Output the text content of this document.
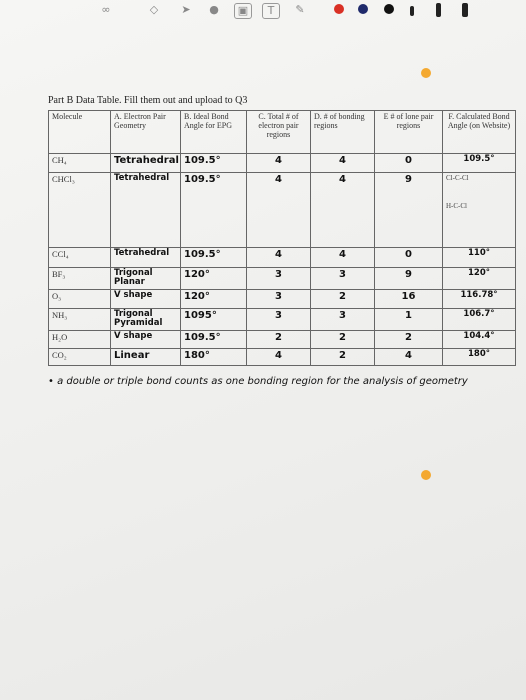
∞	◇	➤	●	▣	T	✎
Part B Data Table. Fill them out and upload to Q3
Molecule	A. Electron Pair Geometry	B. Ideal Bond Angle for EPG	C. Total # of electron pair regions	D. # of bonding regions	E # of lone pair regions	F. Calculated Bond Angle (on Website)
CH₄	Tetrahedral	109.5°	4	4	0	109.5°
CHCl₃	Tetrahedral	109.5°	4	4	9	Cl-C-Cl
H-C-Cl

CCl₄	Tetrahedral	109.5°	4	4	0	110°
BF₃	Trigonal Planar	120°	3	3	9	120°
O₃	V shape	120°	3	2	16	116.78°
NH₃	Trigonal Pyramidal	1095°	3	3	1	106.7°
H₂O	V shape	109.5°	2	2	2	104.4°
CO₂	Linear	180°	4	2	4	180°
• a double or triple bond counts as one bonding region for the analysis of geometry
